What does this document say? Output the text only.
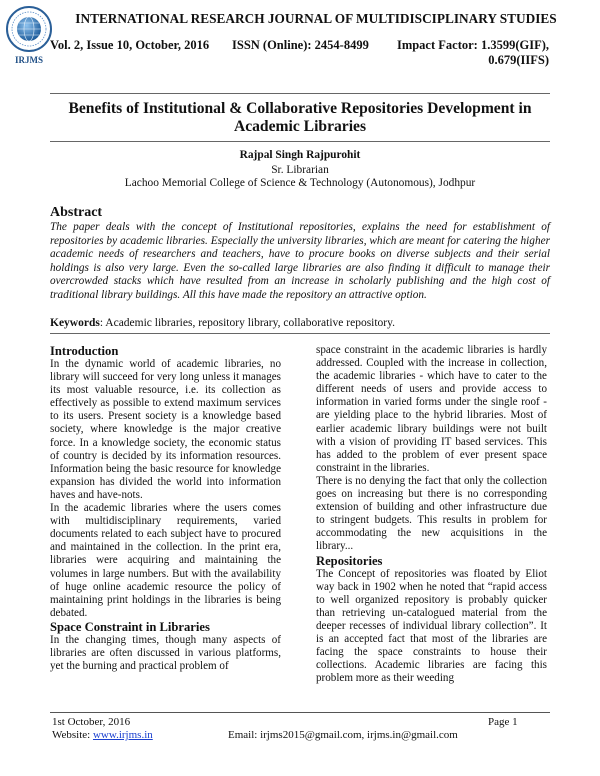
IRJMS
INTERNATIONAL RESEARCH JOURNAL OF MULTIDISCIPLINARY STUDIES
Vol. 2, Issue 10, October, 2016 ISSN (Online): 2454-8499	Impact Factor: 1.3599(GIF), 0.679(IIFS)
Benefits of Institutional & Collaborative Repositories Development in Academic Libraries
Rajpal Singh Rajpurohit
Sr. Librarian
Lachoo Memorial College of Science & Technology (Autonomous), Jodhpur
Abstract
The paper deals with the concept of Institutional repositories, explains the need for establishment of repositories by academic libraries. Especially the university libraries, which are meant for catering the higher academic needs of researchers and teachers, have to procure books on diverse subjects and their serial holdings is also very large. Even the so-called large libraries are also finding it difficult to manage their overcrowded stacks which have resulted from an increase in scholarly publishing and the high cost of traditional library buildings. All this have made the repository an attractive option.
Keywords: Academic libraries, repository library, collaborative repository.
Introduction

In the dynamic world of academic libraries, no library will succeed for very long unless it manages its most valuable resource, i.e. its collection as effectively as possible to extend maximum services to its users. Present society is a knowledge based society, where knowledge is the major creative force. In a knowledge society, the economic status of country is decided by its information resources. Information being the basic resource for knowledge expansion has divided the world into information haves and have-nots.

In the academic libraries where the users comes with multidisciplinary requirements, varied documents related to each subject have to procured and maintained in the collection. In the print era, libraries were acquiring and maintaining the volumes in large numbers. But with the availability of huge online academic resource the policy of maintaining print holdings in the libraries is being debated.

Space Constraint in Libraries

In the changing times, though many aspects of libraries are often discussed in various platforms, yet the burning and practical problem of

space constraint in the academic libraries is hardly addressed. Coupled with the increase in collection, the academic libraries - which have to cater to the different needs of users and provide access to information in varied forms under the single roof - are yielding place to the hybrid libraries. Most of earlier academic library buildings were not built with a vision of providing IT based services. This has added to the problem of ever present space constraint in the libraries.

There is no denying the fact that only the collection goes on increasing but there is no corresponding extension of building and other infrastructure due to stringent budgets. This results in problem for accommodating the new acquisitions in the library...

Repositories

The Concept of repositories was floated by Eliot way back in 1902 when he noted that “rapid access to well organized repository is probably quicker than retrieving un-catalogued material from the deeper recesses of individual library collection”. It is an accepted fact that most of the libraries are facing the space constraints to house their collections. Academic libraries are facing this problem more as their weeding

1st October, 2016	Page 1
Website: www.irjms.in	Email: irjms2015@gmail.com, irjms.in@gmail.com
